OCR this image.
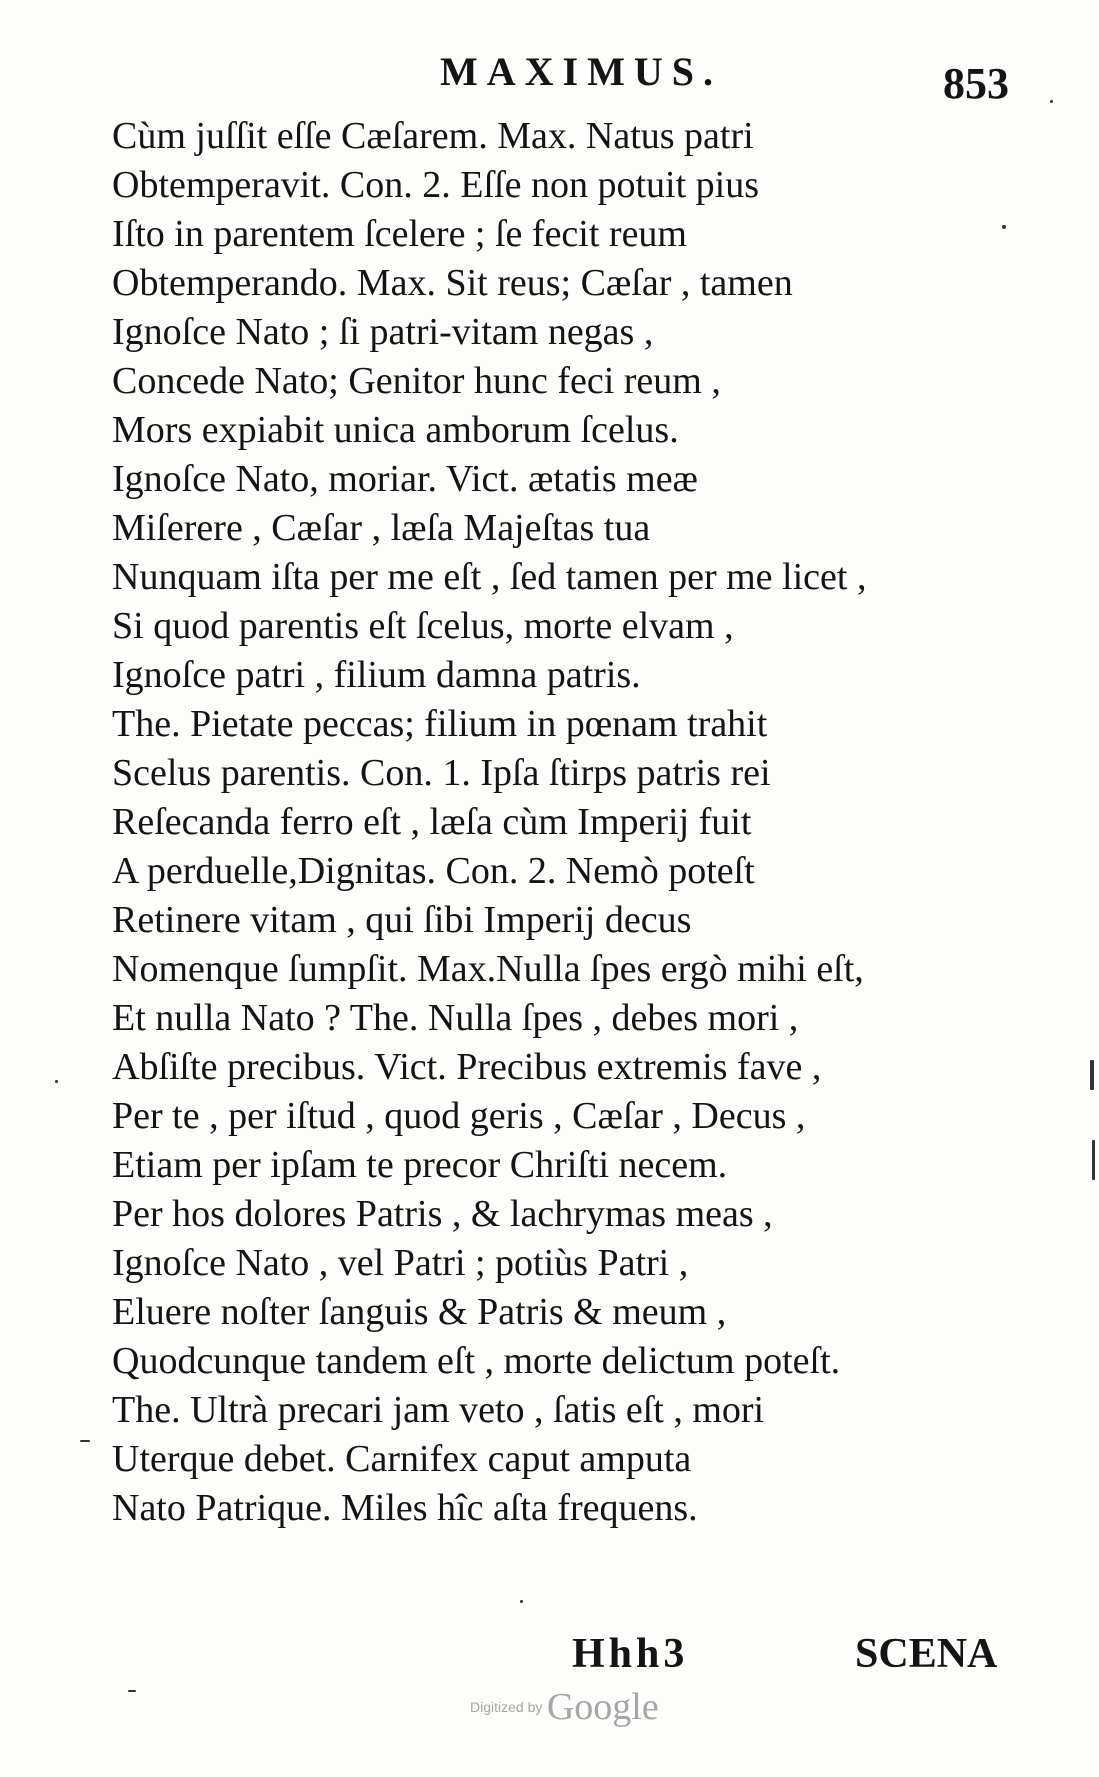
MAXIMUS.	853
Cùm juſſit eſſe Cæſarem. Max. Natus patri
Obtemperavit. Con. 2. Eſſe non potuit pius
Iſto in parentem ſcelere ; ſe fecit reum
Obtemperando. Max. Sit reus; Cæſar , tamen
Ignoſce Nato ; ſi patri-vitam negas ,
Concede Nato; Genitor hunc feci reum ,
Mors expiabit unica amborum ſcelus.
Ignoſce Nato, moriar. Vict. ætatis meæ
Miſerere , Cæſar , læſa Majeſtas tua
Nunquam iſta per me eſt , ſed tamen per me licet ,
Si quod parentis eſt ſcelus, morte elvam ,
Ignoſce patri , filium damna patris.
The. Pietate peccas; filium in pœnam trahit
Scelus parentis. Con. 1. Ipſa ſtirps patris rei
Reſecanda ferro eſt , læſa cùm Imperij fuit
A perduelle,Dignitas. Con. 2. Nemò poteſt
Retinere vitam , qui ſibi Imperij decus
Nomenque ſumpſit. Max.Nulla ſpes ergò mihi eſt,
Et nulla Nato ? The. Nulla ſpes , debes mori ,
Abſiſte precibus. Vict. Precibus extremis fave ,
Per te , per iſtud , quod geris , Cæſar , Decus ,
Etiam per ipſam te precor Chriſti necem.
Per hos dolores Patris , & lachrymas meas ,
Ignoſce Nato , vel Patri ; potiùs Patri ,
Eluere noſter ſanguis & Patris & meum ,
Quodcunque tandem eſt , morte delictum poteſt.
The. Ultrà precari jam veto , ſatis eſt , mori
Uterque debet. Carnifex caput amputa
Nato Patrique. Miles hîc aſta frequens.
Hhh3	SCENA
Digitized by Google
